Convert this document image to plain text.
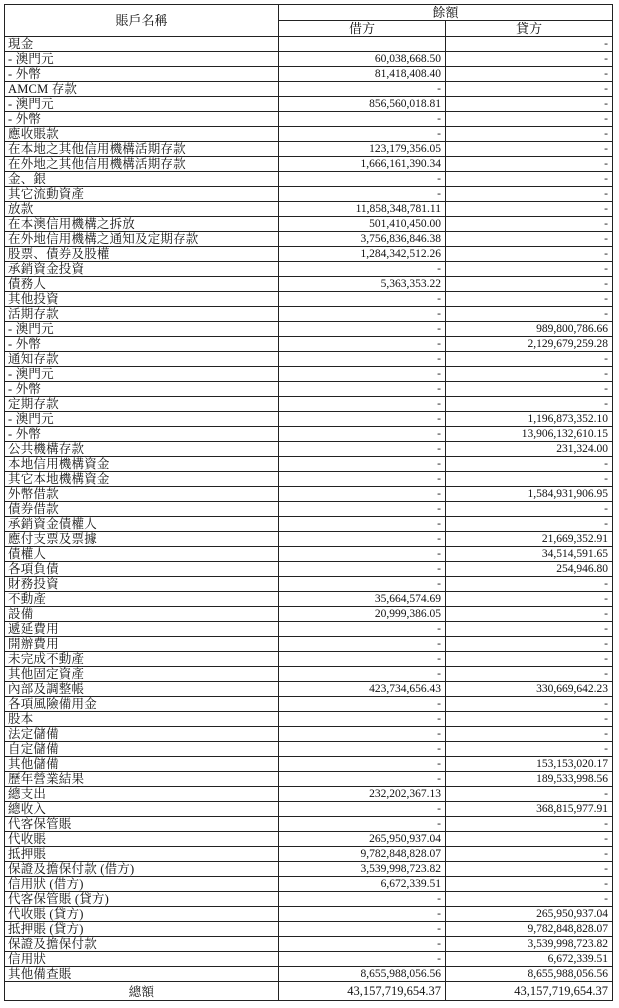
賬戶名稱	餘額	
	借方	貸方
現金		-
- 澳門元	60,038,668.50	-
- 外幣	81,418,408.40	-
AMCM 存款	-	-
- 澳門元	856,560,018.81	-
- 外幣	-	-
應收賬款	-	-
在本地之其他信用機構活期存款	123,179,356.05	-
在外地之其他信用機構活期存款	1,666,161,390.34	-
金、銀	-	-
其它流動資產	-	-
放款	11,858,348,781.11	-
在本澳信用機構之拆放	501,410,450.00	-
在外地信用機構之通知及定期存款	3,756,836,846.38	-
股票、債券及股權	1,284,342,512.26	-
承銷資金投資	-	-
債務人	5,363,353.22	-
其他投資	-	-
活期存款	-	-
- 澳門元	-	989,800,786.66
- 外幣	-	2,129,679,259.28
通知存款	-	-
- 澳門元	-	-
- 外幣	-	-
定期存款	-	-
- 澳門元	-	1,196,873,352.10
- 外幣	-	13,906,132,610.15
公共機構存款	-	231,324.00
本地信用機構資金	-	-
其它本地機構資金	-	-
外幣借款	-	1,584,931,906.95
債券借款	-	-
承銷資金債權人	-	-
應付支票及票據	-	21,669,352.91
債權人	-	34,514,591.65
各項負債	-	254,946.80
財務投資	-	-
不動產	35,664,574.69	-
設備	20,999,386.05	-
遞延費用	-	-
開辦費用	-	-
未完成不動產	-	-
其他固定資產	-	-
內部及調整帳	423,734,656.43	330,669,642.23
各項風險備用金	-	-
股本	-	-
法定儲備	-	-
自定儲備	-	-
其他儲備	-	153,153,020.17
歷年營業結果	-	189,533,998.56
總支出	232,202,367.13	-
總收入	-	368,815,977.91
代客保管賬	-	-
代收賬	265,950,937.04	-
抵押賬	9,782,848,828.07	-
保證及擔保付款 (借方)	3,539,998,723.82	-
信用狀 (借方)	6,672,339.51	-
代客保管賬 (貸方)	-	-
代收賬 (貸方)	-	265,950,937.04
抵押賬 (貸方)	-	9,782,848,828.07
保證及擔保付款	-	3,539,998,723.82
信用狀	-	6,672,339.51
其他備查賬	8,655,988,056.56	8,655,988,056.56
總額	43,157,719,654.37	43,157,719,654.37
